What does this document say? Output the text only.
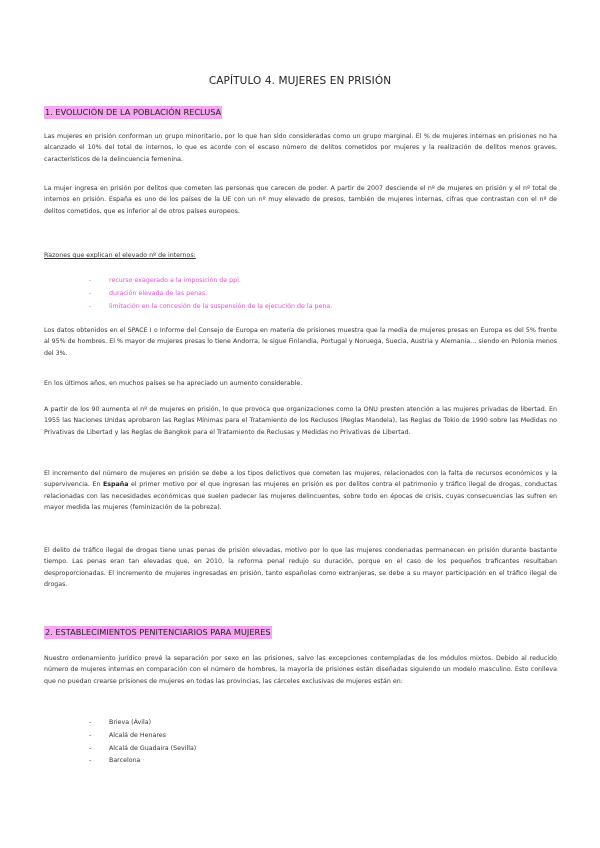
CAPÍTULO 4. MUJERES EN PRISIÓN
1. EVOLUCIÓN DE LA POBLACIÓN RECLUSA

Las mujeres en prisión conforman un grupo minoritario, por lo que han sido consideradas como un grupo marginal. El % de mujeres internas en prisiones no ha alcanzado el 10% del total de internos, lo que es acorde con el escaso número de delitos cometidos por mujeres y la realización de delitos menos graves, característicos de la delincuencia femenina.

La mujer ingresa en prisión por delitos que cometen las personas que carecen de poder. A partir de 2007 desciende el nº de mujeres en prisión y el nº total de internos en prisión. España es uno de los países de la UE con un nº muy elevado de presos, también de mujeres internas, cifras que contrastan con el nº de delitos cometidos, que es inferior al de otros países europeos.

Razones que explican el elevado nº de internos:
-	recurso exagerado a la imposición de ppl.
-	duración elevada de las penas.
-	limitación en la concesión de la suspensión de la ejecución de la pena.

Los datos obtenidos en el SPACE I o Informe del Consejo de Europa en materia de prisiones muestra que la media de mujeres presas en Europa es del 5% frente al 95% de hombres. El % mayor de mujeres presas lo tiene Andorra, le sigue Finlandia, Portugal y Noruega, Suecia, Austria y Alemania… siendo en Polonia menos del 3%.

En los últimos años, en muchos países se ha apreciado un aumento considerable.

A partir de los 90 aumenta el nº de mujeres en prisión, lo que provoca que organizaciones como la ONU presten atención a las mujeres privadas de libertad. En 1955 las Naciones Unidas aprobaron las Reglas Mínimas para el Tratamiento de los Reclusos (Reglas Mandela), las Reglas de Tokio de 1990 sobre las Medidas no Privativas de Libertad y las Reglas de Bangkok para el Tratamiento de Reclusas y Medidas no Privativas de Libertad.

El incremento del número de mujeres en prisión se debe a los tipos delictivos que cometen las mujeres, relacionados con la falta de recursos económicos y la supervivencia. En España el primer motivo por el que ingresan las mujeres en prisión es por delitos contra el patrimonio y tráfico ilegal de drogas, conductas relacionadas con las necesidades económicas que suelen padecer las mujeres delincuentes, sobre todo en épocas de crisis, cuyas consecuencias las sufren en mayor medida las mujeres (feminización de la pobreza).

El delito de tráfico ilegal de drogas tiene unas penas de prisión elevadas, motivo por lo que las mujeres condenadas permanecen en prisión durante bastante tiempo. Las penas eran tan elevadas que, en 2010, la reforma penal redujo su duración, porque en el caso de los pequeños traficantes resultaban desproporcionadas. El incremento de mujeres ingresadas en prisión, tanto españolas como extranjeras, se debe a su mayor participación en el tráfico ilegal de drogas.

2. ESTABLECIMIENTOS PENITENCIARIOS PARA MUJERES

Nuestro ordenamiento jurídico prevé la separación por sexo en las prisiones, salvo las excepciones contempladas de los módulos mixtos. Debido al reducido número de mujeres internas en comparación con el número de hombres, la mayoría de prisiones están diseñadas siguiendo un modelo masculino. Esto conlleva que no puedan crearse prisiones de mujeres en todas las provincias, las cárceles exclusivas de mujeres están en:

-	Brieva (Ávila)
-	Alcalá de Henares
-	Alcalá de Guadaira (Sevilla)
-	Barcelona
